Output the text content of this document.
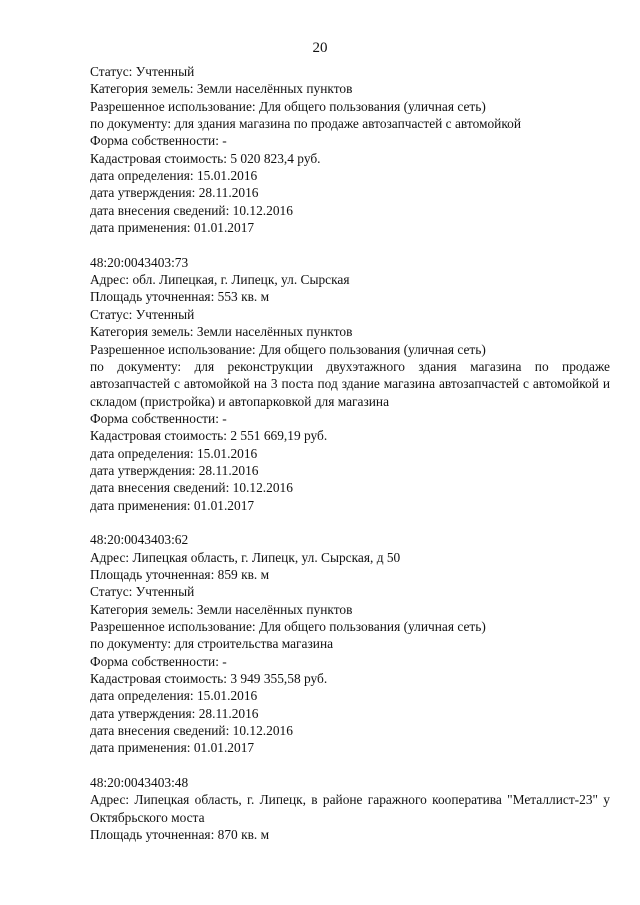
20
Статус: Учтенный
Категория земель: Земли населённых пунктов
Разрешенное использование: Для общего пользования (уличная сеть)
по документу: для здания магазина по продаже автозапчастей с автомойкой
Форма собственности: -
Кадастровая стоимость: 5 020 823,4 руб.
дата определения: 15.01.2016
дата утверждения: 28.11.2016
дата внесения сведений: 10.12.2016
дата применения: 01.01.2017
48:20:0043403:73
Адрес: обл. Липецкая, г. Липецк, ул. Сырская
Площадь уточненная: 553 кв. м
Статус: Учтенный
Категория земель: Земли населённых пунктов
Разрешенное использование: Для общего пользования (уличная сеть)
по документу: для реконструкции двухэтажного здания магазина по продаже автозапчастей с автомойкой на 3 поста под здание магазина автозапчастей с автомойкой и складом (пристройка) и автопарковкой для магазина
Форма собственности: -
Кадастровая стоимость: 2 551 669,19 руб.
дата определения: 15.01.2016
дата утверждения: 28.11.2016
дата внесения сведений: 10.12.2016
дата применения: 01.01.2017
48:20:0043403:62
Адрес: Липецкая область, г. Липецк, ул. Сырская, д 50
Площадь уточненная: 859 кв. м
Статус: Учтенный
Категория земель: Земли населённых пунктов
Разрешенное использование: Для общего пользования (уличная сеть)
по документу: для строительства магазина
Форма собственности: -
Кадастровая стоимость: 3 949 355,58 руб.
дата определения: 15.01.2016
дата утверждения: 28.11.2016
дата внесения сведений: 10.12.2016
дата применения: 01.01.2017
48:20:0043403:48
Адрес: Липецкая область, г. Липецк, в районе гаражного кооператива "Металлист-23" у Октябрьского моста
Площадь уточненная: 870 кв. м
